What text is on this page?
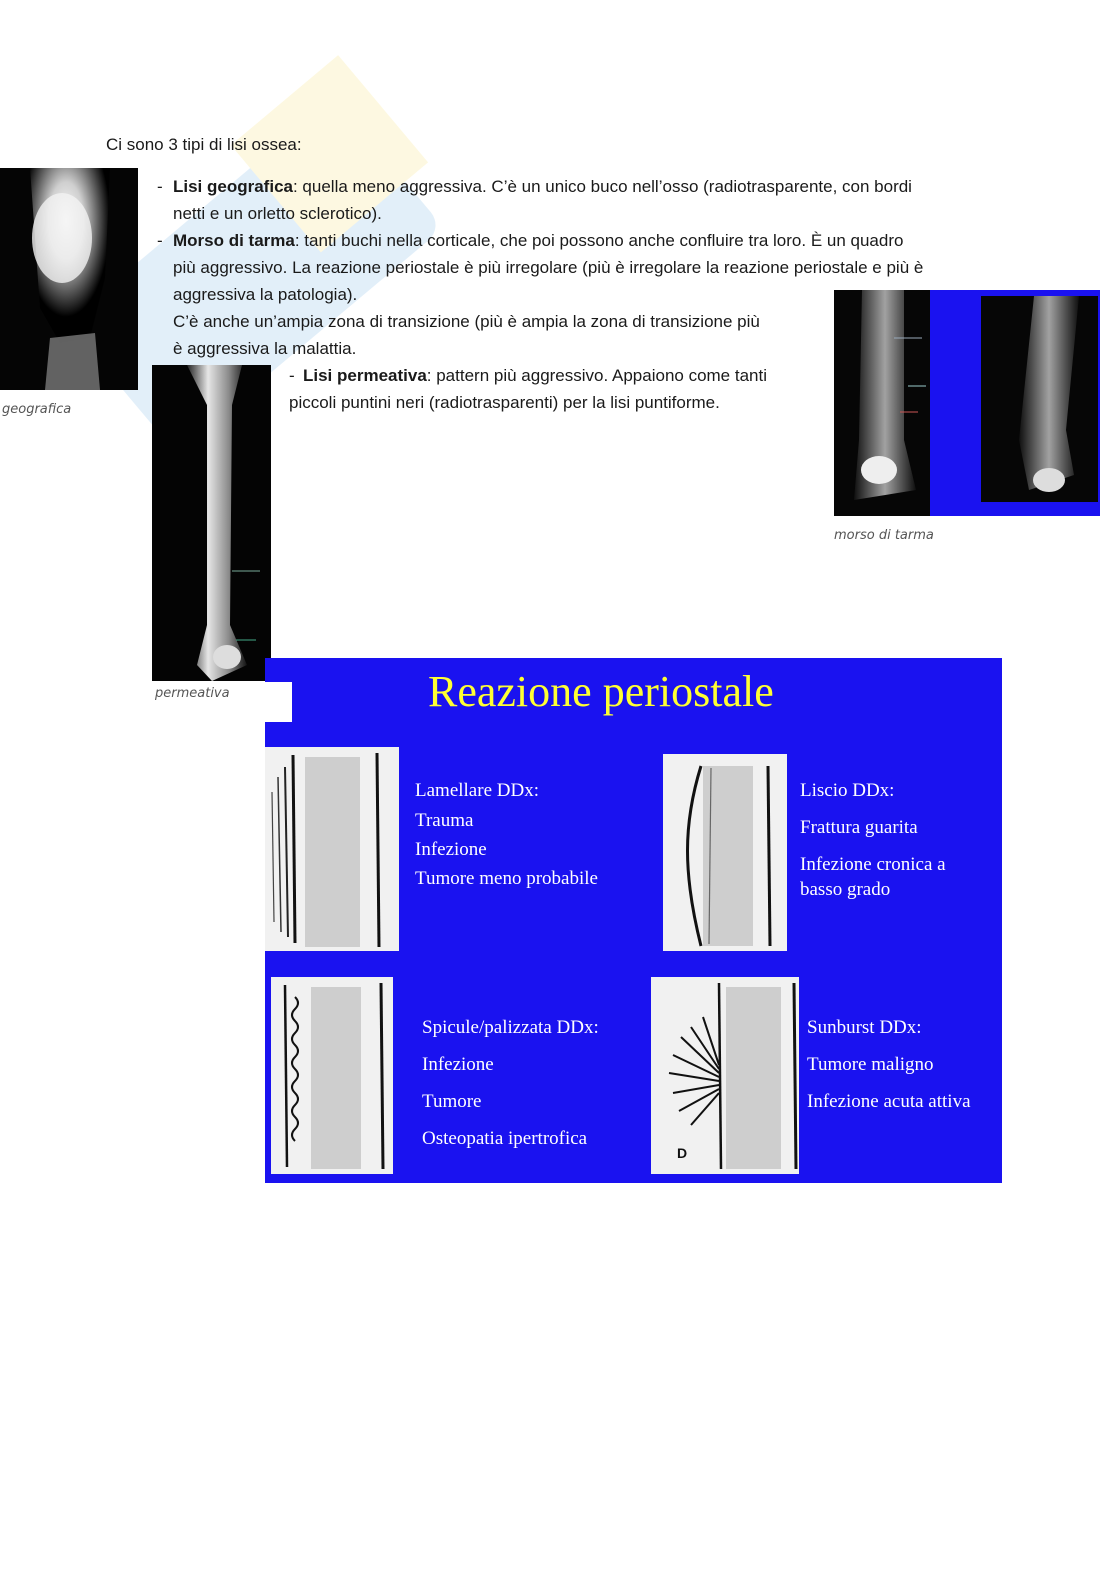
Ci sono 3 tipi di lisi ossea:
geografica
- Lisi geografica: quella meno aggressiva. C’è un unico buco nell’osso (radiotrasparente, con bordi
netti e un orletto sclerotico).
- Morso di tarma: tanti buchi nella corticale, che poi possono anche confluire tra loro. È un quadro
più aggressivo. La reazione periostale è più irregolare (più è irregolare la reazione periostale e più è
aggressiva la patologia).
C’è anche un’ampia zona di transizione (più è ampia la zona di transizione più
è aggressiva la malattia.
- Lisi permeativa: pattern più aggressivo. Appaiono come tanti
piccoli puntini neri (radiotrasparenti) per la lisi puntiforme.
morso di tarma
permeativa	Reazione periostale
Lamellare DDx:
Trauma
Infezione
Tumore meno probabile
Liscio DDx:
Frattura guarita
Infezione cronica a
basso grado
Spicule/palizzata DDx:
Infezione
Tumore
Osteopatia ipertrofica
D
Sunburst DDx:
Tumore maligno
Infezione acuta attiva
